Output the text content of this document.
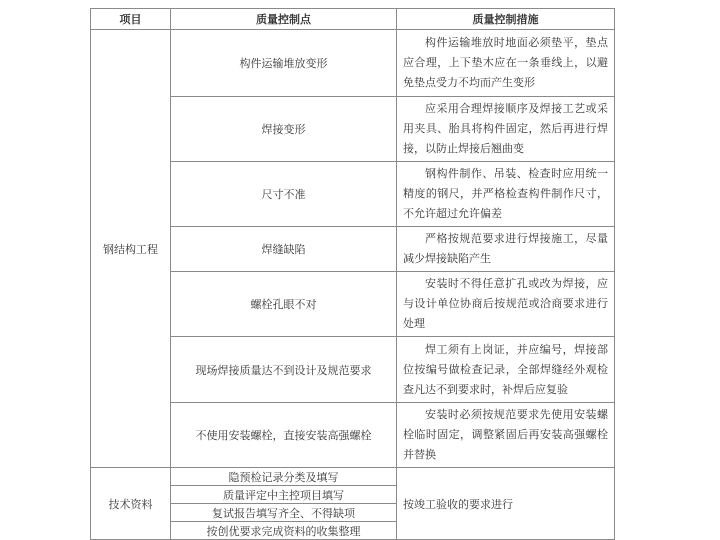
项目	质量控制点	质量控制措施
钢结构工程	构件运输堆放变形	构件运输堆放时地面必须垫平，垫点应合理，上下垫木应在一条垂线上，以避免垫点受力不均而产生变形

	焊接变形	应采用合理焊接顺序及焊接工艺或采用夹具、胎具将构件固定，然后再进行焊接，以防止焊接后翘曲变

	尺寸不准	钢构件制作、吊装、检查时应用统一精度的钢尺，并严格检查构件制作尺寸，不允许超过允许偏差

	焊缝缺陷	严格按规范要求进行焊接施工，尽量减少焊接缺陷产生

	螺栓孔眼不对	安装时不得任意扩孔或改为焊接，应与设计单位协商后按规范或洽商要求进行处理

	现场焊接质量达不到设计及规范要求	焊工须有上岗证，并应编号，焊接部位按编号做检查记录，全部焊缝经外观检查凡达不到要求时，补焊后应复验

	不使用安装螺栓，直接安装高强螺栓	安装时必须按规范要求先使用安装螺栓临时固定，调整紧固后再安装高强螺栓并替换

技术资料	隐预检记录分类及填写	按竣工验收的要求进行
	质量评定中主控项目填写	
	复试报告填写齐全、不得缺项	
	按创优要求完成资料的收集整理	
